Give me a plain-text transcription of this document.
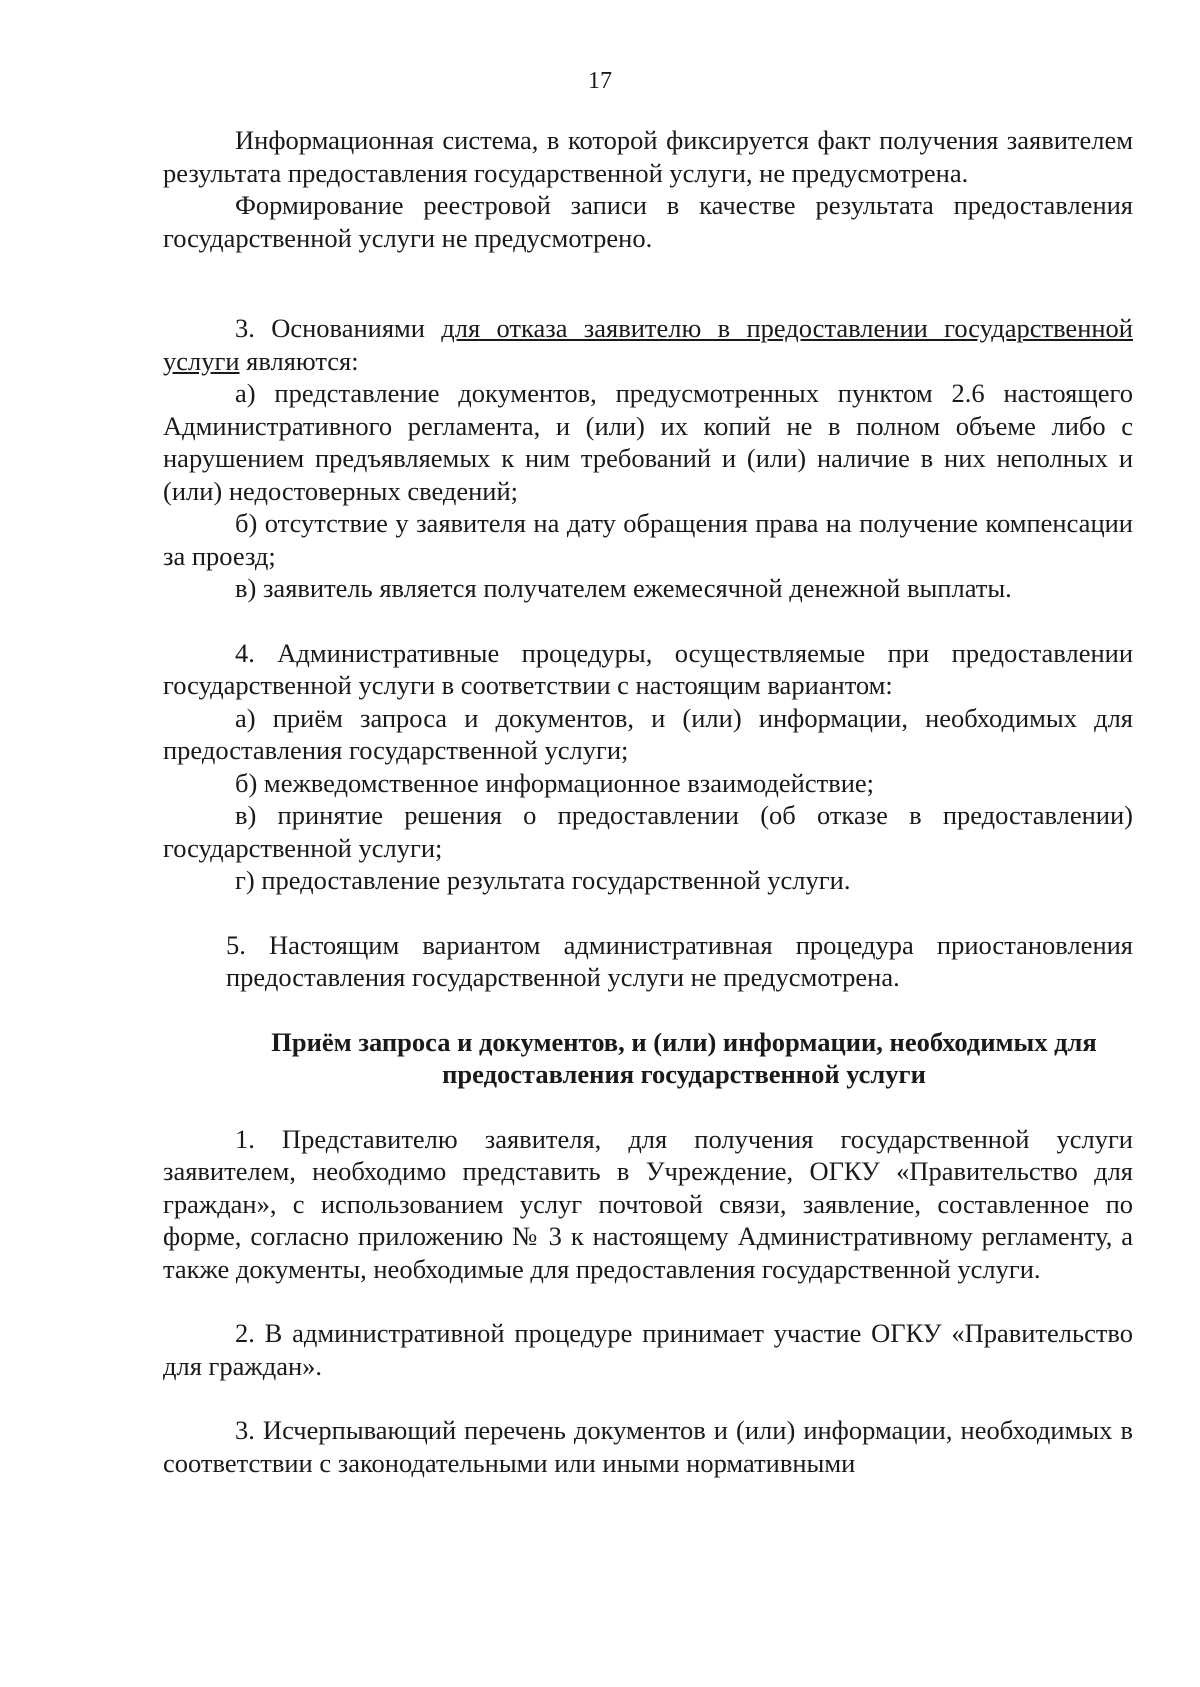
17

Информационная система, в которой фиксируется факт получения заявителем результата предоставления государственной услуги, не предусмотрена.

Формирование реестровой записи в качестве результата предоставления государственной услуги не предусмотрено.

3. Основаниями для отказа заявителю в предоставлении государственной услуги являются:

а) представление документов, предусмотренных пунктом 2.6 настоящего Административного регламента, и (или) их копий не в полном объеме либо с нарушением предъявляемых к ним требований и (или) наличие в них неполных и (или) недостоверных сведений;

б) отсутствие у заявителя на дату обращения права на получение компенсации за проезд;

в) заявитель является получателем ежемесячной денежной выплаты.

4. Административные процедуры, осуществляемые при предоставлении государственной услуги в соответствии с настоящим вариантом:

а) приём запроса и документов, и (или) информации, необходимых для предоставления государственной услуги;

б) межведомственное информационное взаимодействие;

в) принятие решения о предоставлении (об отказе в предоставлении) государственной услуги;

г) предоставление результата государственной услуги.

5. Настоящим вариантом административная процедура приостановления предоставления государственной услуги не предусмотрена.

Приём запроса и документов, и (или) информации, необходимых для
предоставления государственной услуги

1. Представителю заявителя, для получения государственной услуги заявителем, необходимо представить в Учреждение, ОГКУ «Правительство для граждан», с использованием услуг почтовой связи, заявление, составленное по форме, согласно приложению № 3 к настоящему Административному регламенту, а также документы, необходимые для предоставления государственной услуги.

2. В административной процедуре принимает участие ОГКУ «Правительство для граждан».

3. Исчерпывающий перечень документов и (или) информации, необходимых в соответствии с законодательными или иными нормативными
